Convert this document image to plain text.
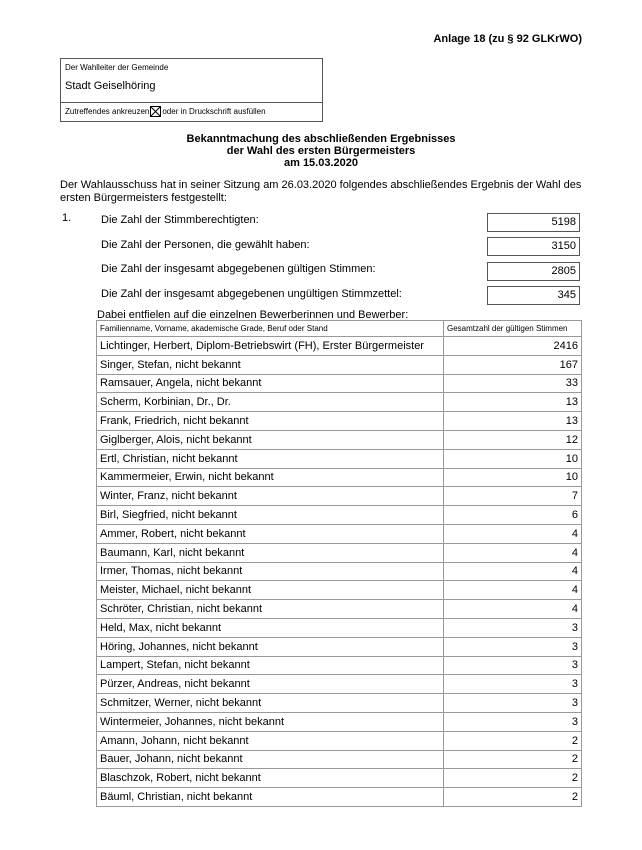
Anlage 18 (zu § 92 GLKrWO)
Der Wahlleiter der Gemeinde
Stadt Geiselhöring
Zutreffendes ankreuzen oder in Druckschrift ausfüllen
Bekanntmachung des abschließenden Ergebnisses
der Wahl des ersten Bürgermeisters
am 15.03.2020
Der Wahlausschuss hat in seiner Sitzung am 26.03.2020 folgendes abschließendes Ergebnis der Wahl des ersten Bürgermeisters festgestellt:
1.	Die Zahl der Stimmberechtigten:	5198
Die Zahl der Personen, die gewählt haben:	3150
Die Zahl der insgesamt abgegebenen gültigen Stimmen:	2805
Die Zahl der insgesamt abgegebenen ungültigen Stimmzettel:	345
Dabei entfielen auf die einzelnen Bewerberinnen und Bewerber:
Familienname, Vorname, akademische Grade, Beruf oder Stand	Gesamtzahl der gültigen Stimmen
Lichtinger, Herbert, Diplom-Betriebswirt (FH), Erster Bürgermeister	2416
Singer, Stefan, nicht bekannt	167
Ramsauer, Angela, nicht bekannt	33
Scherm, Korbinian, Dr., Dr.	13
Frank, Friedrich, nicht bekannt	13
Giglberger, Alois, nicht bekannt	12
Ertl, Christian, nicht bekannt	10
Kammermeier, Erwin, nicht bekannt	10
Winter, Franz, nicht bekannt	7
Birl, Siegfried, nicht bekannt	6
Ammer, Robert, nicht bekannt	4
Baumann, Karl, nicht bekannt	4
Irmer, Thomas, nicht bekannt	4
Meister, Michael, nicht bekannt	4
Schröter, Christian, nicht bekannt	4
Held, Max, nicht bekannt	3
Höring, Johannes, nicht bekannt	3
Lampert, Stefan, nicht bekannt	3
Pürzer, Andreas, nicht bekannt	3
Schmitzer, Werner, nicht bekannt	3
Wintermeier, Johannes, nicht bekannt	3
Amann, Johann, nicht bekannt	2
Bauer, Johann, nicht bekannt	2
Blaschzok, Robert, nicht bekannt	2
Bäuml, Christian, nicht bekannt	2
